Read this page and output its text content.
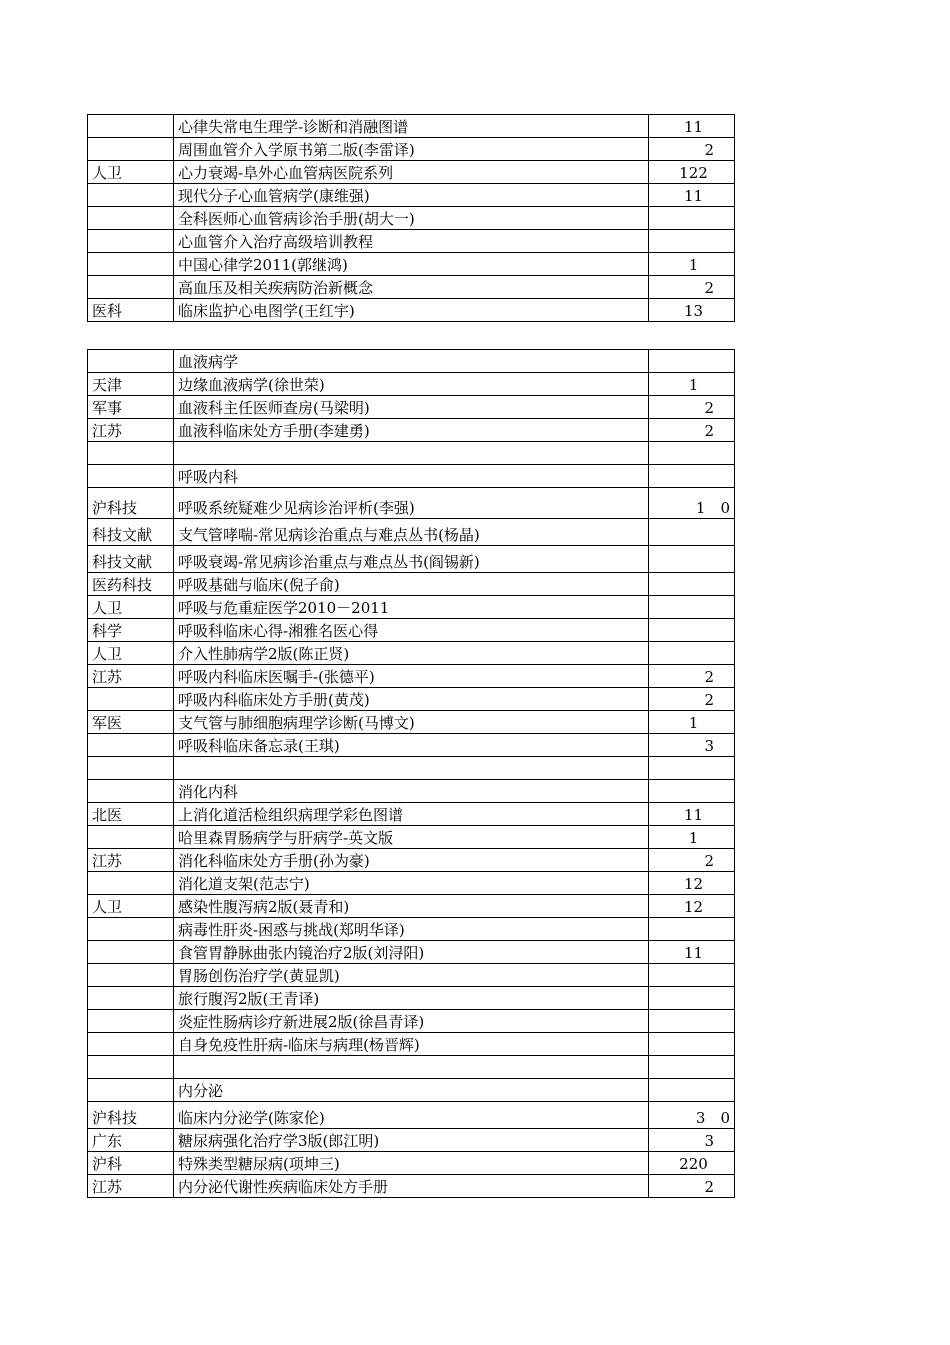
	心律失常电生理学-诊断和消融图谱	11
	周围血管介入学原书第二版(李雷译)	2
人卫	心力衰竭-阜外心血管病医院系列	122
	现代分子心血管病学(康维强)	11
	全科医师心血管病诊治手册(胡大一)	
	心血管介入治疗高级培训教程	
	中国心律学2011(郭继鸿)	1
	高血压及相关疾病防治新概念	2
医科	临床监护心电图学(王红宇)	13
	血液病学	
天津	边缘血液病学(徐世荣)	1
军事	血液科主任医师查房(马梁明)	2
江苏	血液科临床处方手册(李建勇)	2

	呼吸内科	
沪科技	呼吸系统疑难少见病诊治评析(李强)	1　0
科技文献	支气管哮喘-常见病诊治重点与难点丛书(杨晶)	
科技文献	呼吸衰竭-常见病诊治重点与难点丛书(阎锡新)	
医药科技	呼吸基础与临床(倪子俞)	
人卫	呼吸与危重症医学2010－2011	
科学	呼吸科临床心得-湘雅名医心得	
人卫	介入性肺病学2版(陈正贤)	
江苏	呼吸内科临床医嘱手-(张德平)	2
	呼吸内科临床处方手册(黄茂)	2
军医	支气管与肺细胞病理学诊断(马博文)	1
	呼吸科临床备忘录(王琪)	3

	消化内科	
北医	上消化道活检组织病理学彩色图谱	11
	哈里森胃肠病学与肝病学-英文版	1
江苏	消化科临床处方手册(孙为豪)	2
	消化道支架(范志宁)	12
人卫	感染性腹泻病2版(聂青和)	12
	病毒性肝炎-困惑与挑战(郑明华译)	
	食管胃静脉曲张内镜治疗2版(刘浔阳)	11
	胃肠创伤治疗学(黄显凯)	
	旅行腹泻2版(王青译)	
	炎症性肠病诊疗新进展2版(徐昌青译)	
	自身免疫性肝病-临床与病理(杨晋辉)	

	内分泌	
沪科技	临床内分泌学(陈家伦)	3　0
广东	糖尿病强化治疗学3版(郎江明)	3
沪科	特殊类型糖尿病(项坤三)	220
江苏	内分泌代谢性疾病临床处方手册	2
